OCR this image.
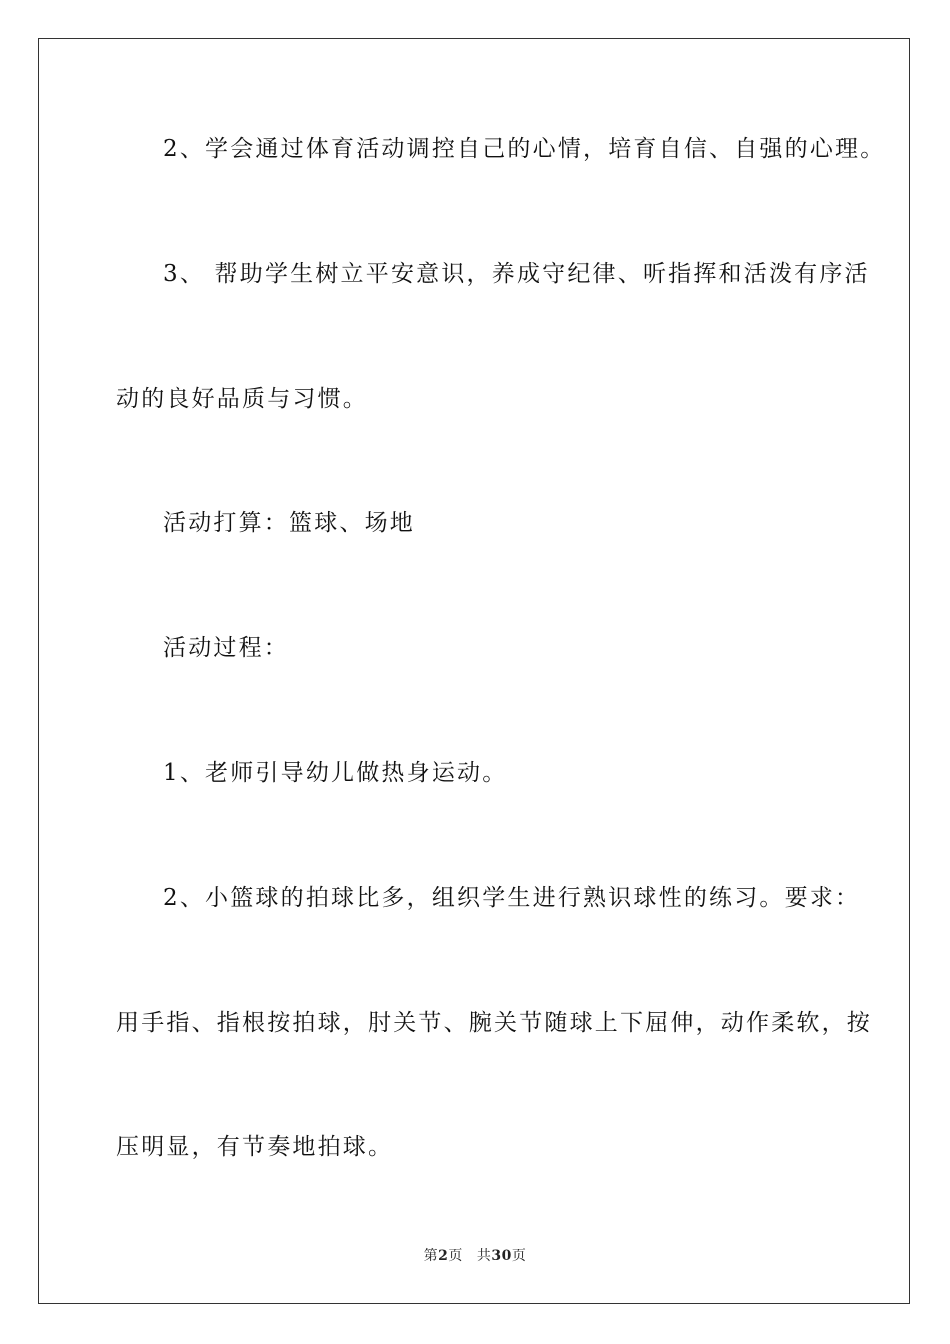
2、学会通过体育活动调控自己的心情，培育自信、自强的心理。
3、 帮助学生树立平安意识，养成守纪律、听指挥和活泼有序活
动的良好品质与习惯。
活动打算：篮球、场地
活动过程：
1、老师引导幼儿做热身运动。
2、小篮球的拍球比多，组织学生进行熟识球性的练习。要求：
用手指、指根按拍球，肘关节、腕关节随球上下屈伸，动作柔软，按
压明显，有节奏地拍球。
第2页 共30页
